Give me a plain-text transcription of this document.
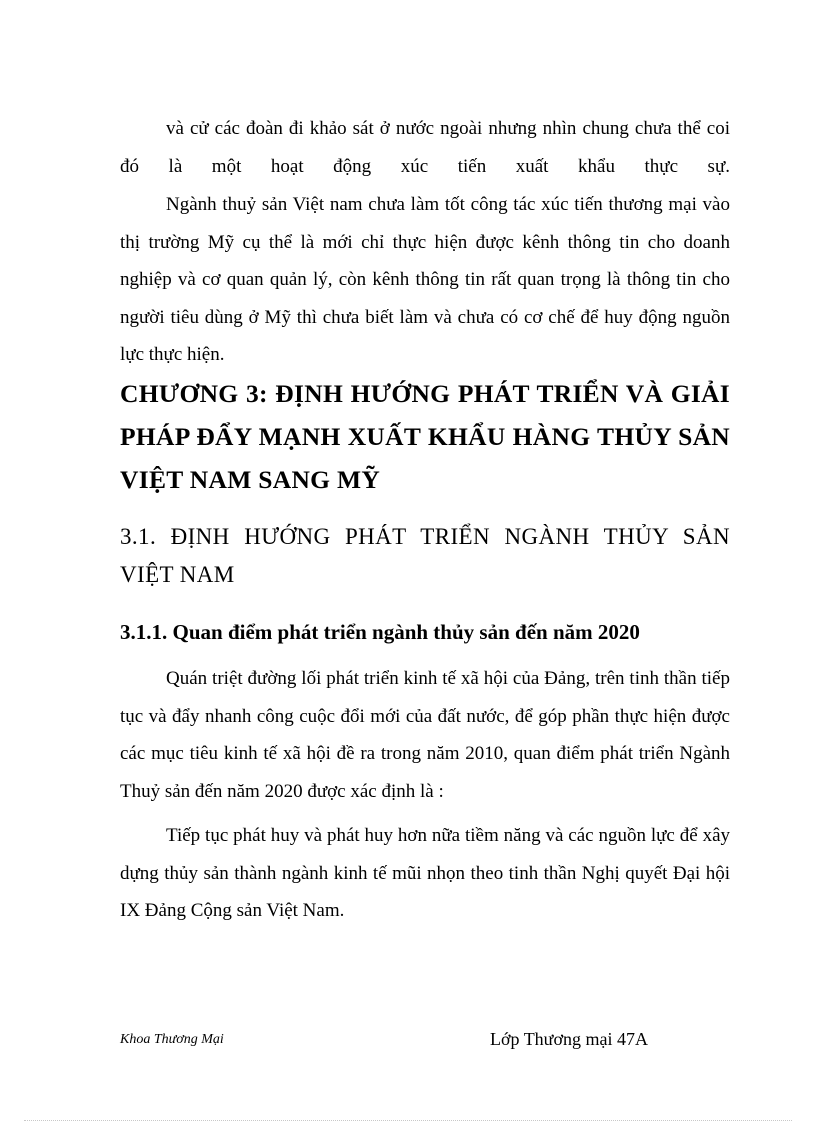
và cử các đoàn đi khảo sát ở nước ngoài nhưng nhìn chung chưa thể coi đó là một hoạt động xúc tiến xuất khẩu thực sự.

Ngành thuỷ sản Việt nam chưa làm tốt công tác xúc tiến thương mại vào thị trường Mỹ cụ thể là mới chỉ thực hiện được kênh thông tin cho doanh nghiệp và cơ quan quản lý, còn kênh thông tin rất quan trọng là thông tin cho người tiêu dùng ở Mỹ thì chưa biết làm và chưa có cơ chế để huy động nguồn lực thực hiện.

CHƯƠNG 3: ĐỊNH HƯỚNG PHÁT TRIỂN VÀ GIẢI PHÁP ĐẨY MẠNH XUẤT KHẨU HÀNG THỦY SẢN VIỆT NAM SANG MỸ
3.1. ĐỊNH HƯỚNG PHÁT TRIỂN NGÀNH THỦY SẢN VIỆT NAM
3.1.1. Quan điểm phát triển ngành thủy sản đến năm 2020

Quán triệt đường lối phát triển kinh tế xã hội của Đảng, trên tinh thần tiếp tục và đẩy nhanh công cuộc đổi mới của đất nước, để góp phần thực hiện được các mục tiêu kinh tế xã hội đề ra trong năm 2010, quan điểm phát triển Ngành Thuỷ sản đến năm 2020 được xác định là :

Tiếp tục phát huy và phát huy hơn nữa tiềm năng và các nguồn lực để xây dựng thủy sản thành ngành kinh tế mũi nhọn theo tinh thần Nghị quyết Đại hội IX Đảng Cộng sản Việt Nam.

Khoa Thương Mại	Lớp Thương mại 47A
